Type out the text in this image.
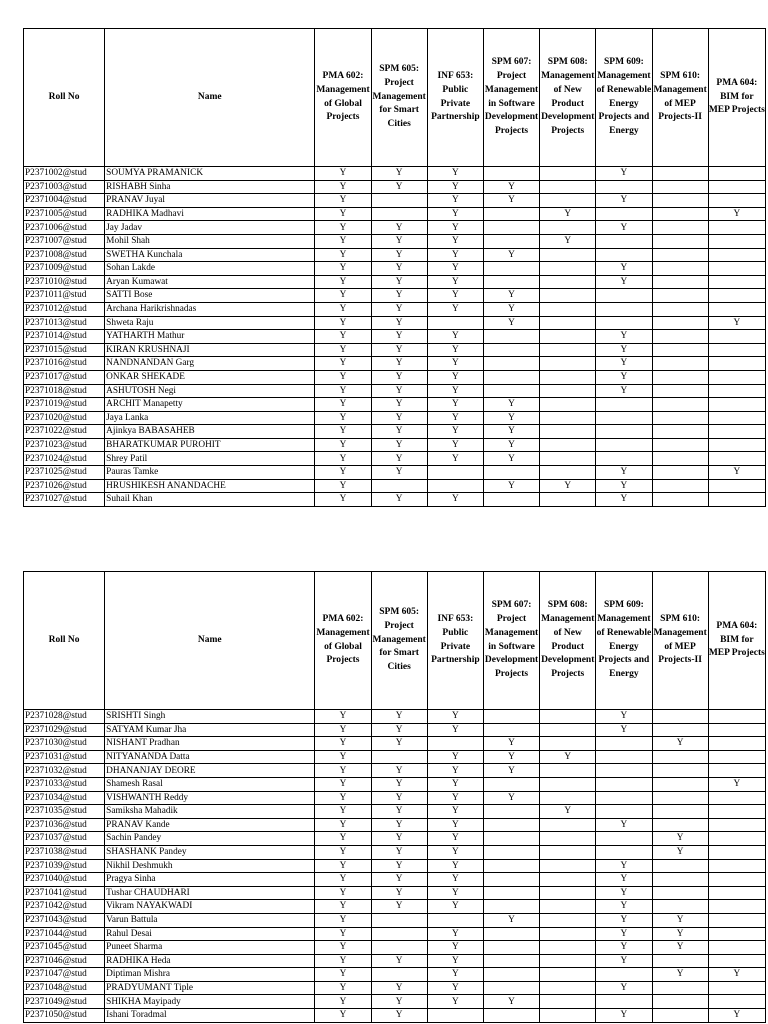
Roll No	Name	PMA 602: Management of Global Projects	SPM 605: Project Management for Smart Cities	INF 653: Public Private Partnership	SPM 607: Project Management in Software Development Projects	SPM 608: Management of New Product Development Projects	SPM 609: Management of Renewable Energy Projects and Energy	SPM 610: Management of MEP Projects-II	PMA 604: BIM for MEP Projects
P2371002@stud	SOUMYA PRAMANICK	Y	Y	Y			Y		
P2371003@stud	RISHABH Sinha	Y	Y	Y	Y				
P2371004@stud	PRANAV Juyal	Y		Y	Y		Y		
P2371005@stud	RADHIKA Madhavi	Y		Y		Y			Y
P2371006@stud	Jay Jadav	Y	Y	Y			Y		
P2371007@stud	Mohil Shah	Y	Y	Y		Y			
P2371008@stud	SWETHA Kunchala	Y	Y	Y	Y				
P2371009@stud	Sohan Lakde	Y	Y	Y			Y		
P2371010@stud	Aryan Kumawat	Y	Y	Y			Y		
P2371011@stud	SATTI Bose	Y	Y	Y	Y				
P2371012@stud	Archana Harikrishnadas	Y	Y	Y	Y				
P2371013@stud	Shweta Raju	Y	Y		Y				Y
P2371014@stud	YATHARTH Mathur	Y	Y	Y			Y		
P2371015@stud	KIRAN KRUSHNAJI	Y	Y	Y			Y		
P2371016@stud	NANDNANDAN Garg	Y	Y	Y			Y		
P2371017@stud	ONKAR SHEKADE	Y	Y	Y			Y		
P2371018@stud	ASHUTOSH Negi	Y	Y	Y			Y		
P2371019@stud	ARCHIT Manapetty	Y	Y	Y	Y				
P2371020@stud	Jaya Lanka	Y	Y	Y	Y				
P2371022@stud	Ajinkya BABASAHEB	Y	Y	Y	Y				
P2371023@stud	BHARATKUMAR PUROHIT	Y	Y	Y	Y				
P2371024@stud	Shrey Patil	Y	Y	Y	Y				
P2371025@stud	Pauras Tamke	Y	Y				Y		Y
P2371026@stud	HRUSHIKESH ANANDACHE	Y			Y	Y	Y		
P2371027@stud	Suhail Khan	Y	Y	Y			Y		
Roll No	Name	PMA 602: Management of Global Projects	SPM 605: Project Management for Smart Cities	INF 653: Public Private Partnership	SPM 607: Project Management in Software Development Projects	SPM 608: Management of New Product Development Projects	SPM 609: Management of Renewable Energy Projects and Energy	SPM 610: Management of MEP Projects-II	PMA 604: BIM for MEP Projects
P2371028@stud	SRISHTI Singh	Y	Y	Y			Y		
P2371029@stud	SATYAM Kumar Jha	Y	Y	Y			Y		
P2371030@stud	NISHANT Pradhan	Y	Y		Y			Y	
P2371031@stud	NITYANANDA Datta	Y		Y	Y	Y			
P2371032@stud	DHANANJAY DEORE	Y	Y	Y	Y				
P2371033@stud	Shamesh Rasal	Y	Y	Y					Y
P2371034@stud	VISHWANTH Reddy	Y	Y	Y	Y				
P2371035@stud	Samiksha Mahadik	Y	Y	Y		Y			
P2371036@stud	PRANAV Kande	Y	Y	Y			Y		
P2371037@stud	Sachin Pandey	Y	Y	Y				Y	
P2371038@stud	SHASHANK Pandey	Y	Y	Y				Y	
P2371039@stud	Nikhil Deshmukh	Y	Y	Y			Y		
P2371040@stud	Pragya Sinha	Y	Y	Y			Y		
P2371041@stud	Tushar CHAUDHARI	Y	Y	Y			Y		
P2371042@stud	Vikram NAYAKWADI	Y	Y	Y			Y		
P2371043@stud	Varun Battula	Y			Y		Y	Y	
P2371044@stud	Rahul Desai	Y		Y			Y	Y	
P2371045@stud	Puneet Sharma	Y		Y			Y	Y	
P2371046@stud	RADHIKA Heda	Y	Y	Y			Y		
P2371047@stud	Diptiman Mishra	Y		Y				Y	Y
P2371048@stud	PRADYUMANT Tiple	Y	Y	Y			Y		
P2371049@stud	SHIKHA Mayipady	Y	Y	Y	Y				
P2371050@stud	Ishani Toradmal	Y	Y				Y		Y
